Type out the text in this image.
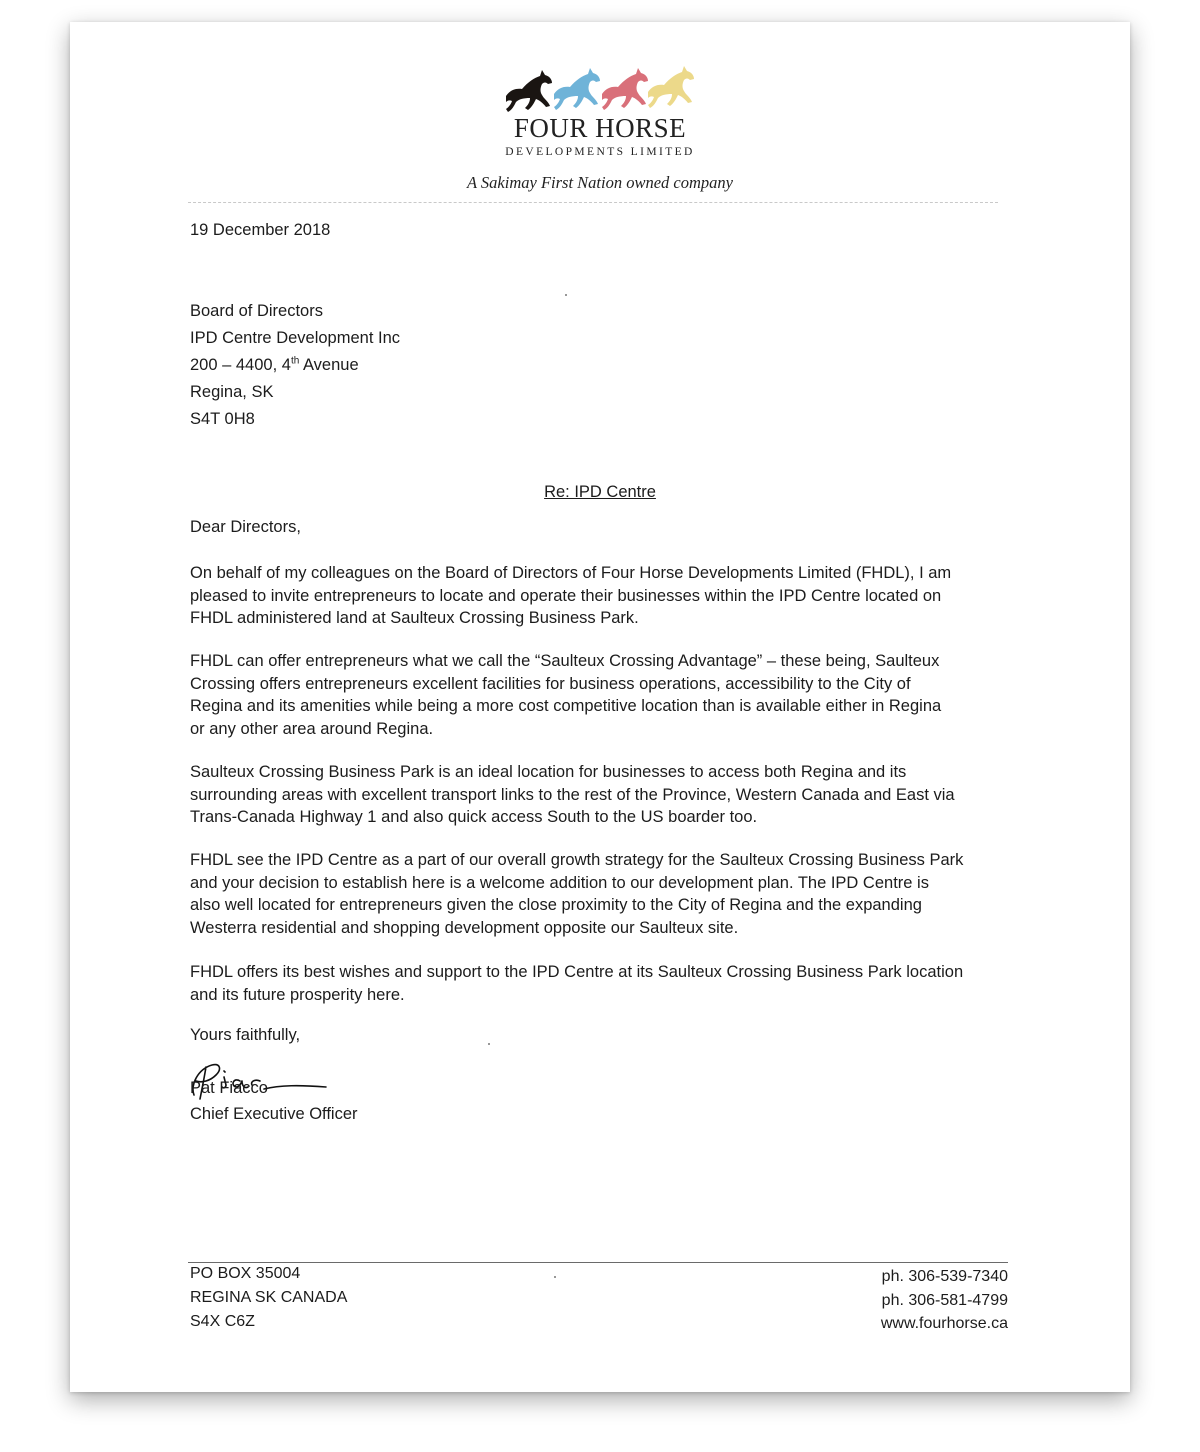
FOUR HORSE
DEVELOPMENTS LIMITED
A Sakimay First Nation owned company
19 December 2018
Board of Directors
IPD Centre Development Inc
200 – 4400, 4th Avenue
Regina, SK
S4T 0H8
Re: IPD Centre
Dear Directors,
On behalf of my colleagues on the Board of Directors of Four Horse Developments Limited (FHDL), I am
pleased to invite entrepreneurs to locate and operate their businesses within the IPD Centre located on
FHDL administered land at Saulteux Crossing Business Park.
FHDL can offer entrepreneurs what we call the “Saulteux Crossing Advantage” – these being, Saulteux
Crossing offers entrepreneurs excellent facilities for business operations, accessibility to the City of
Regina and its amenities while being a more cost competitive location than is available either in Regina
or any other area around Regina.
Saulteux Crossing Business Park is an ideal location for businesses to access both Regina and its
surrounding areas with excellent transport links to the rest of the Province, Western Canada and East via
Trans-Canada Highway 1 and also quick access South to the US boarder too.
FHDL see the IPD Centre as a part of our overall growth strategy for the Saulteux Crossing Business Park
and your decision to establish here is a welcome addition to our development plan. The IPD Centre is
also well located for entrepreneurs given the close proximity to the City of Regina and the expanding
Westerra residential and shopping development opposite our Saulteux site.
FHDL offers its best wishes and support to the IPD Centre at its Saulteux Crossing Business Park location
and its future prosperity here.
Yours faithfully,
Pat Fiacco
Chief Executive Officer
PO BOX 35004
REGINA SK CANADA
S4X C6Z
ph. 306-539-7340
ph. 306-581-4799
www.fourhorse.ca
